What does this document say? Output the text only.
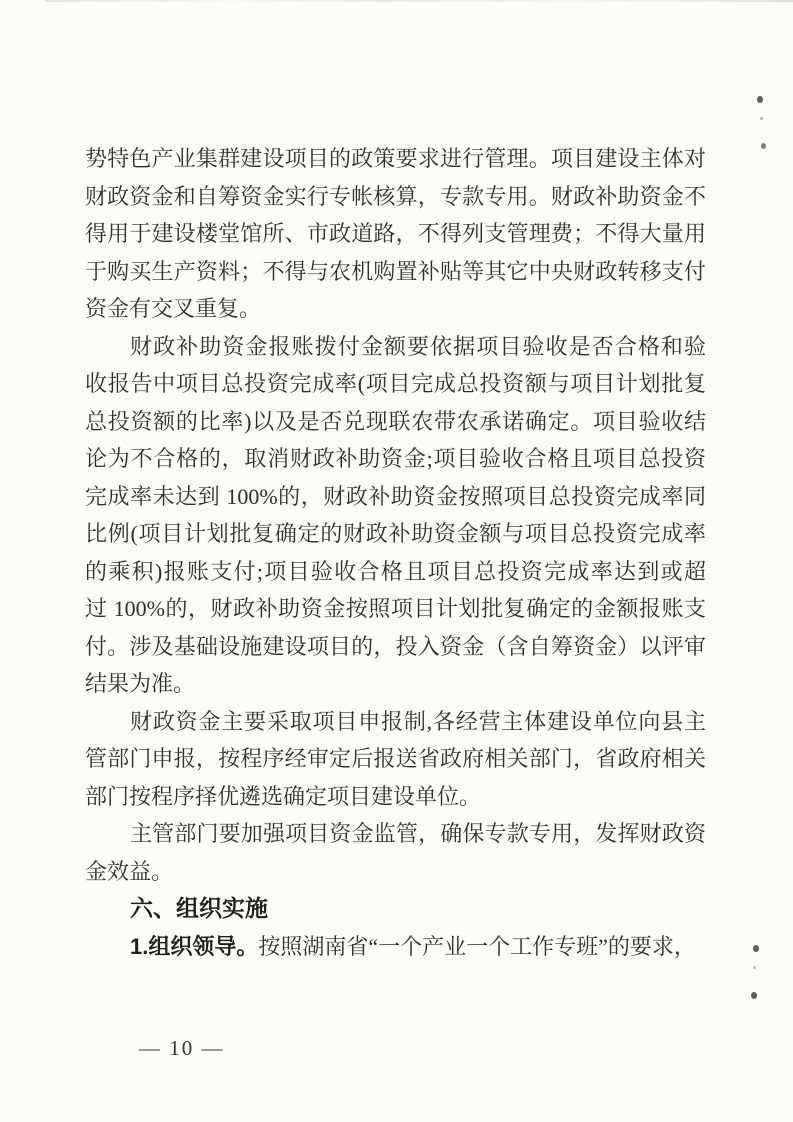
势特色产业集群建设项目的政策要求进行管理。项目建设主体对
财政资金和自筹资金实行专帐核算，专款专用。财政补助资金不
得用于建设楼堂馆所、市政道路，不得列支管理费；不得大量用
于购买生产资料；不得与农机购置补贴等其它中央财政转移支付
资金有交叉重复。
财政补助资金报账拨付金额要依据项目验收是否合格和验
收报告中项目总投资完成率(项目完成总投资额与项目计划批复
总投资额的比率)以及是否兑现联农带农承诺确定。项目验收结
论为不合格的，取消财政补助资金;项目验收合格且项目总投资
完成率未达到 100%的，财政补助资金按照项目总投资完成率同
比例(项目计划批复确定的财政补助资金额与项目总投资完成率
的乘积)报账支付;项目验收合格且项目总投资完成率达到或超
过 100%的，财政补助资金按照项目计划批复确定的金额报账支
付。涉及基础设施建设项目的，投入资金（含自筹资金）以评审
结果为准。
财政资金主要采取项目申报制,各经营主体建设单位向县主
管部门申报，按程序经审定后报送省政府相关部门，省政府相关
部门按程序择优遴选确定项目建设单位。
主管部门要加强项目资金监管，确保专款专用，发挥财政资
金效益。
六、组织实施
1.组织领导。按照湖南省“一个产业一个工作专班”的要求，
— 10 —
